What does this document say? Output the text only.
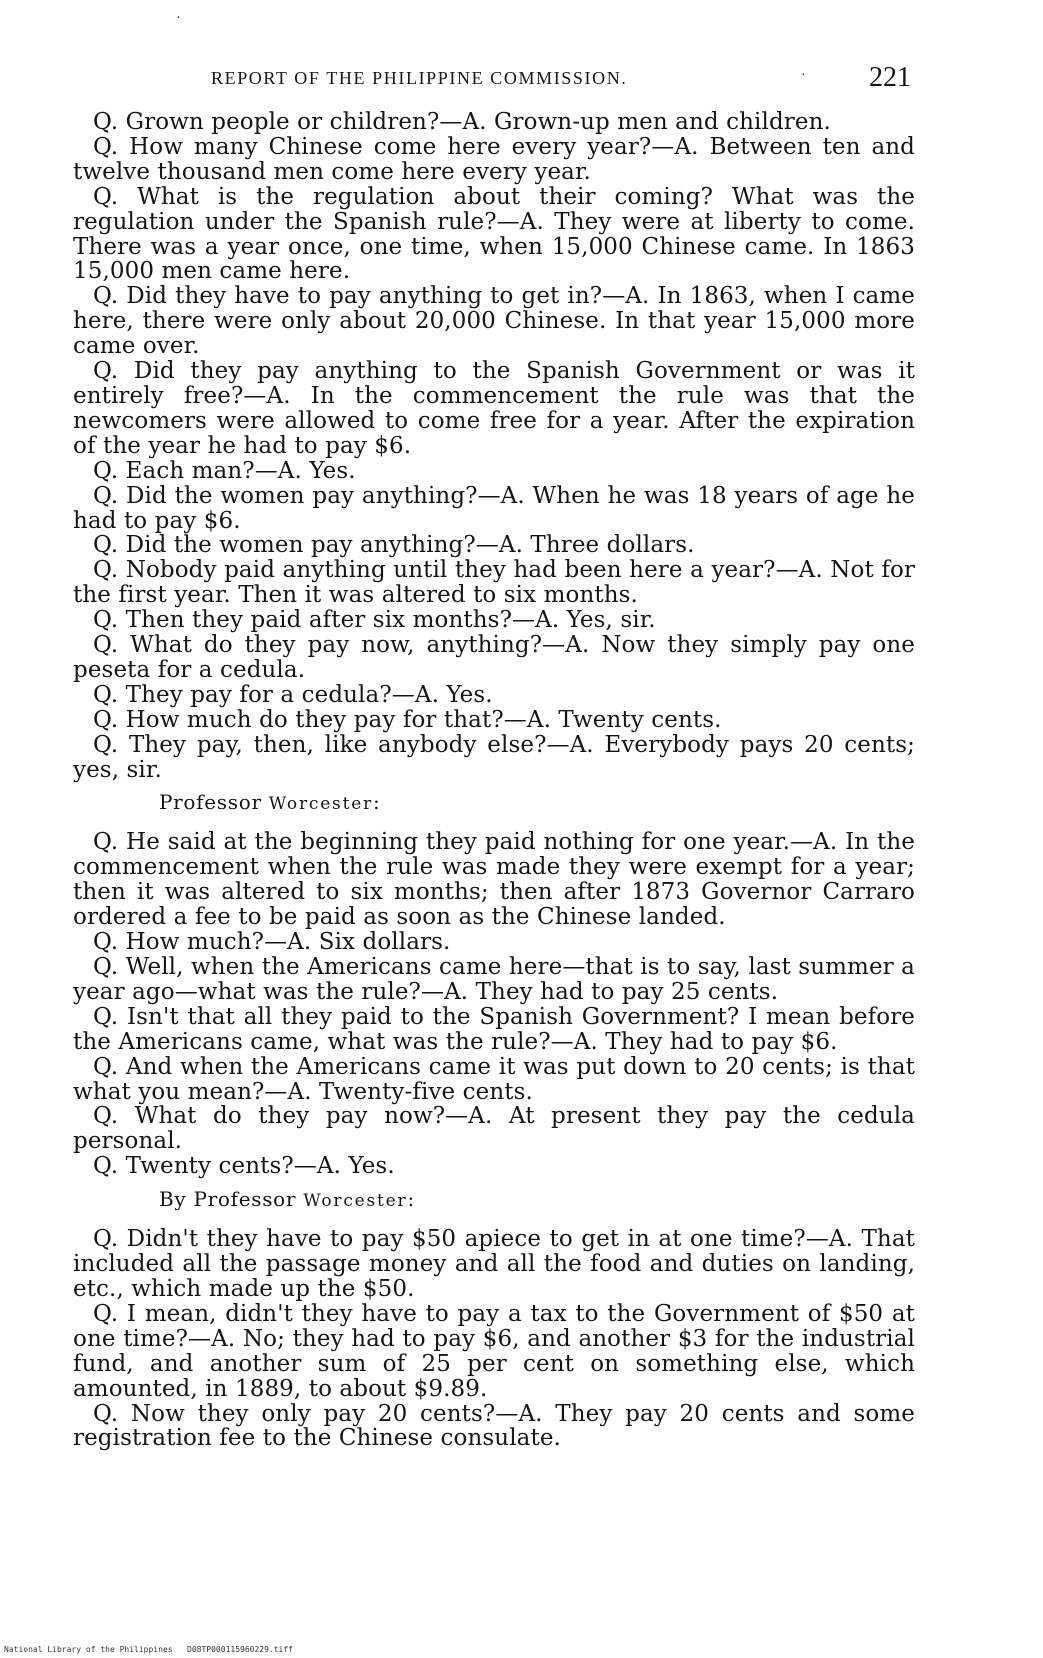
·
REPORT OF THE PHILIPPINE COMMISSION.	· 221

Q. Grown people or children?—A. Grown-up men and children.

Q. How many Chinese come here every year?—A. Between ten and twelve thousand men come here every year.

Q. What is the regulation about their coming? What was the regulation under the Spanish rule?—A. They were at liberty to come. There was a year once, one time, when 15,000 Chinese came. In 1863 15,000 men came here.

Q. Did they have to pay anything to get in?—A. In 1863, when I came here, there were only about 20,000 Chinese. In that year 15,000 more came over.

Q. Did they pay anything to the Spanish Government or was it entirely free?—A. In the commencement the rule was that the newcomers were allowed to come free for a year. After the expiration of the year he had to pay $6.

Q. Each man?—A. Yes.

Q. Did the women pay anything?—A. When he was 18 years of age he had to pay $6.

Q. Did the women pay anything?—A. Three dollars.

Q. Nobody paid anything until they had been here a year?—A. Not for the first year. Then it was altered to six months.

Q. Then they paid after six months?—A. Yes, sir.

Q. What do they pay now, anything?—A. Now they simply pay one peseta for a cedula.

Q. They pay for a cedula?—A. Yes.

Q. How much do they pay for that?—A. Twenty cents.

Q. They pay, then, like anybody else?—A. Everybody pays 20 cents; yes, sir.

Professor Worcester:

Q. He said at the beginning they paid nothing for one year.—A. In the commencement when the rule was made they were exempt for a year; then it was altered to six months; then after 1873 Governor Carraro ordered a fee to be paid as soon as the Chinese landed.

Q. How much?—A. Six dollars.

Q. Well, when the Americans came here—that is to say, last summer a year ago—what was the rule?—A. They had to pay 25 cents.

Q. Isn't that all they paid to the Spanish Government? I mean before the Americans came, what was the rule?—A. They had to pay $6.

Q. And when the Americans came it was put down to 20 cents; is that what you mean?—A. Twenty-five cents.

Q. What do they pay now?—A. At present they pay the cedula personal.

Q. Twenty cents?—A. Yes.

By Professor Worcester:

Q. Didn't they have to pay $50 apiece to get in at one time?—A. That included all the passage money and all the food and duties on landing, etc., which made up the $50.

Q. I mean, didn't they have to pay a tax to the Government of $50 at one time?—A. No; they had to pay $6, and another $3 for the industrial fund, and another sum of 25 per cent on something else, which amounted, in 1889, to about $9.89.

Q. Now they only pay 20 cents?—A. They pay 20 cents and some registration fee to the Chinese consulate.

National Library of the Philippines D08TP000115960229.tiff
